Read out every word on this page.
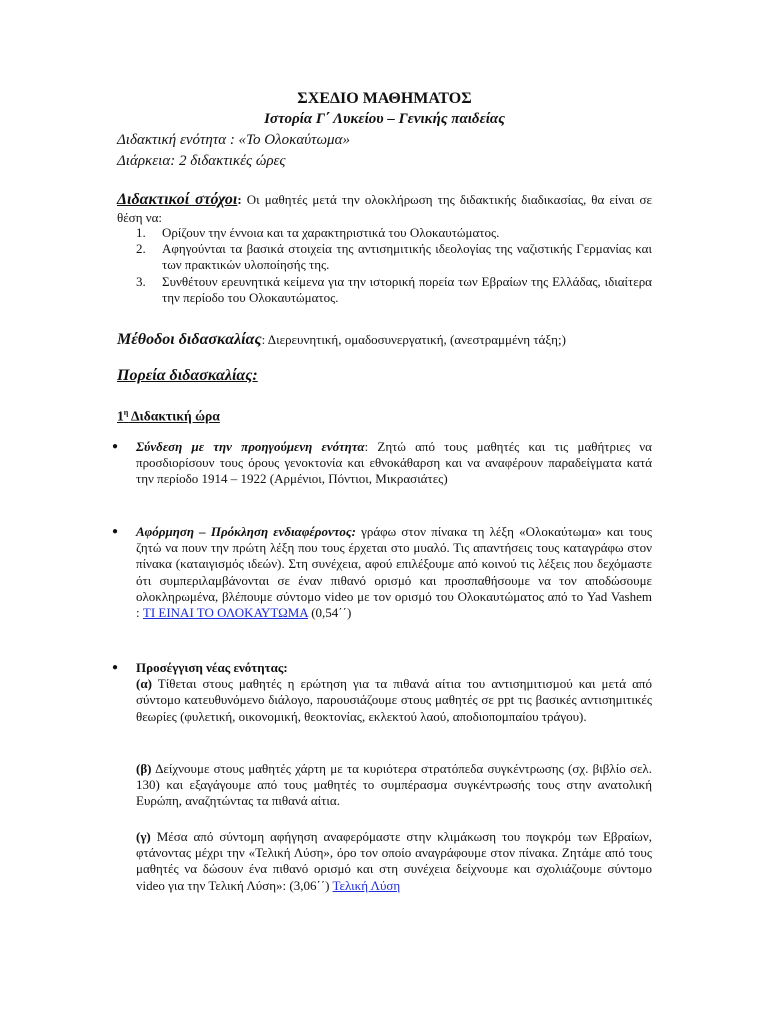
ΣΧΕΔΙΟ ΜΑΘΗΜΑΤΟΣ
Ιστορία Γ΄ Λυκείου – Γενικής παιδείας
Διδακτική ενότητα : «Το Ολοκαύτωμα»
Διάρκεια: 2 διδακτικές ώρες
Διδακτικοί στόχοι: Οι μαθητές μετά την ολοκλήρωση της διδακτικής διαδικασίας, θα είναι σε θέση να:
1. Ορίζουν την έννοια και τα χαρακτηριστικά του Ολοκαυτώματος.
2. Αφηγούνται τα βασικά στοιχεία της αντισημιτικής ιδεολογίας της ναζιστικής Γερμανίας και των πρακτικών υλοποίησής της.
3. Συνθέτουν ερευνητικά κείμενα για την ιστορική πορεία των Εβραίων της Ελλάδας, ιδιαίτερα την περίοδο του Ολοκαυτώματος.
Μέθοδοι διδασκαλίας: Διερευνητική, ομαδοσυνεργατική, (ανεστραμμένη τάξη;)
Πορεία διδασκαλίας:
$1^\eta$ Διδακτική ώρα
● Σύνδεση με την προηγούμενη ενότητα: Ζητώ από τους μαθητές και τις μαθήτριες να προσδιορίσουν τους όρους γενοκτονία και εθνοκάθαρση και να αναφέρουν παραδείγματα κατά την περίοδο 1914 – 1922 (Αρμένιοι, Πόντιοι, Μικρασιάτες)
● Αφόρμηση – Πρόκληση ενδιαφέροντος: γράφω στον πίνακα τη λέξη «Ολοκαύτωμα» και τους ζητώ να πουν την πρώτη λέξη που τους έρχεται στο μυαλό. Τις απαντήσεις τους καταγράφω στον πίνακα (καταιγισμός ιδεών). Στη συνέχεια, αφού επιλέξουμε από κοινού τις λέξεις που δεχόμαστε ότι συμπεριλαμβάνονται σε έναν πιθανό ορισμό και προσπαθήσουμε να τον αποδώσουμε ολοκληρωμένα, βλέπουμε σύντομο video με τον ορισμό του Ολοκαυτώματος από το Yad Vashem : ΤΙ ΕΙΝΑΙ ΤΟ ΟΛΟΚΑΥΤΩΜΑ (0,54΄΄)
● Προσέγγιση νέας ενότητας:
(α) Τίθεται στους μαθητές η ερώτηση για τα πιθανά αίτια του αντισημιτισμού και μετά από σύντομο κατευθυνόμενο διάλογο, παρουσιάζουμε στους μαθητές σε ppt τις βασικές αντισημιτικές θεωρίες (φυλετική, οικονομική, θεοκτονίας, εκλεκτού λαού, αποδιοπομπαίου τράγου).
(β) Δείχνουμε στους μαθητές χάρτη με τα κυριότερα στρατόπεδα συγκέντρωσης (σχ. βιβλίο σελ. 130) και εξαγάγουμε από τους μαθητές το συμπέρασμα συγκέντρωσής τους στην ανατολική Ευρώπη, αναζητώντας τα πιθανά αίτια.
(γ) Μέσα από σύντομη αφήγηση αναφερόμαστε στην κλιμάκωση του πογκρόμ των Εβραίων, φτάνοντας μέχρι την «Τελική Λύση», όρο τον οποίο αναγράφουμε στον πίνακα. Ζητάμε από τους μαθητές να δώσουν ένα πιθανό ορισμό και στη συνέχεια δείχνουμε και σχολιάζουμε σύντομο video για την Τελική Λύση»: (3,06΄΄) Τελική Λύση
